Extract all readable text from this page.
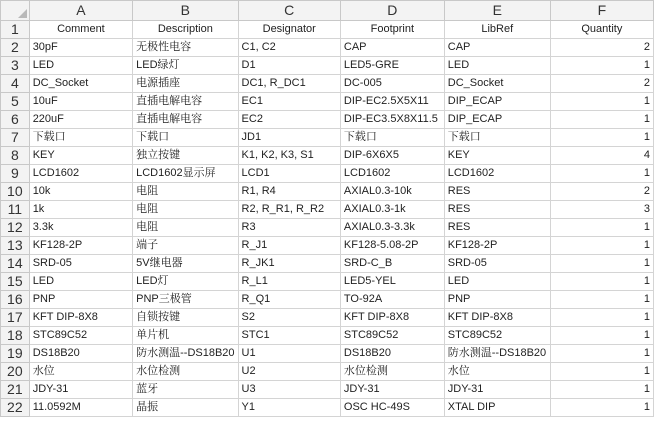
	A	B	C	D	E	F
1	Comment	Description	Designator	Footprint	LibRef	Quantity
2	30pF	无极性电容	C1, C2	CAP	CAP	2
3	LED	LED绿灯	D1	LED5-GRE	LED	1
4	DC_Socket	电源插座	DC1, R_DC1	DC-005	DC_Socket	2
5	10uF	直插电解电容	EC1	DIP-EC2.5X5X11	DIP_ECAP	1
6	220uF	直插电解电容	EC2	DIP-EC3.5X8X11.5	DIP_ECAP	1
7	下载口	下载口	JD1	下载口	下载口	1
8	KEY	独立按键	K1, K2, K3, S1	DIP-6X6X5	KEY	4
9	LCD1602	LCD1602显示屏	LCD1	LCD1602	LCD1602	1
10	10k	电阻	R1, R4	AXIAL0.3-10k	RES	2
11	1k	电阻	R2, R_R1, R_R2	AXIAL0.3-1k	RES	3
12	3.3k	电阻	R3	AXIAL0.3-3.3k	RES	1
13	KF128-2P	端子	R_J1	KF128-5.08-2P	KF128-2P	1
14	SRD-05	5V继电器	R_JK1	SRD-C_B	SRD-05	1
15	LED	LED灯	R_L1	LED5-YEL	LED	1
16	PNP	PNP三极管	R_Q1	TO-92A	PNP	1
17	KFT DIP-8X8	自锁按键	S2	KFT DIP-8X8	KFT DIP-8X8	1
18	STC89C52	单片机	STC1	STC89C52	STC89C52	1
19	DS18B20	防水测温--DS18B20	U1	DS18B20	防水测温--DS18B20	1
20	水位	水位检测	U2	水位检测	水位	1
21	JDY-31	蓝牙	U3	JDY-31	JDY-31	1
22	11.0592M	晶振	Y1	OSC HC-49S	XTAL DIP	1
